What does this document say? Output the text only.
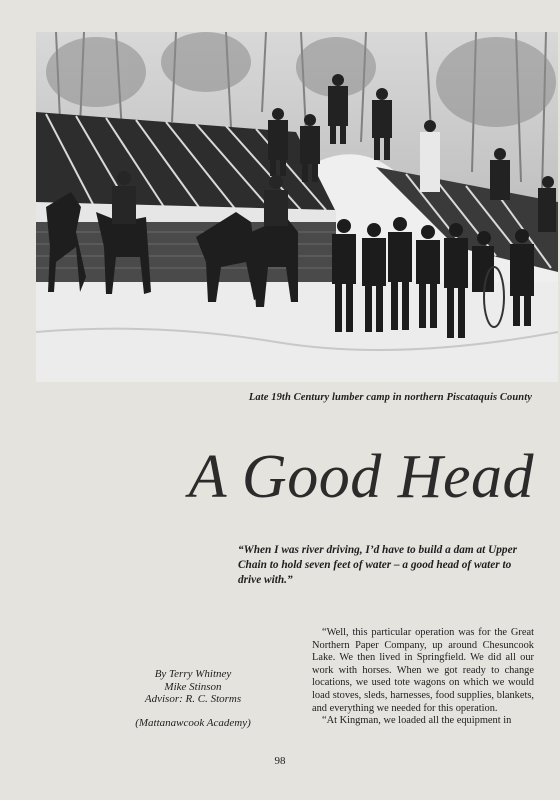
Late 19th Century lumber camp in northern Piscataquis County
A Good Head
“When I was river driving, I’d have to build a dam at Upper Chain to hold seven feet of water – a good head of water to drive with.”
By Terry Whitney
Mike Stinson
Advisor: R. C. Storms
(Mattanawcook Academy)

“Well, this particular operation was for the Great Northern Paper Company, up around Chesuncook Lake. We then lived in Springfield. We did all our work with horses. When we got ready to change locations, we used tote wagons on which we would load stoves, sleds, harnesses, food supplies, blankets, and everything we needed for this operation.

“At Kingman, we loaded all the equipment in

98
